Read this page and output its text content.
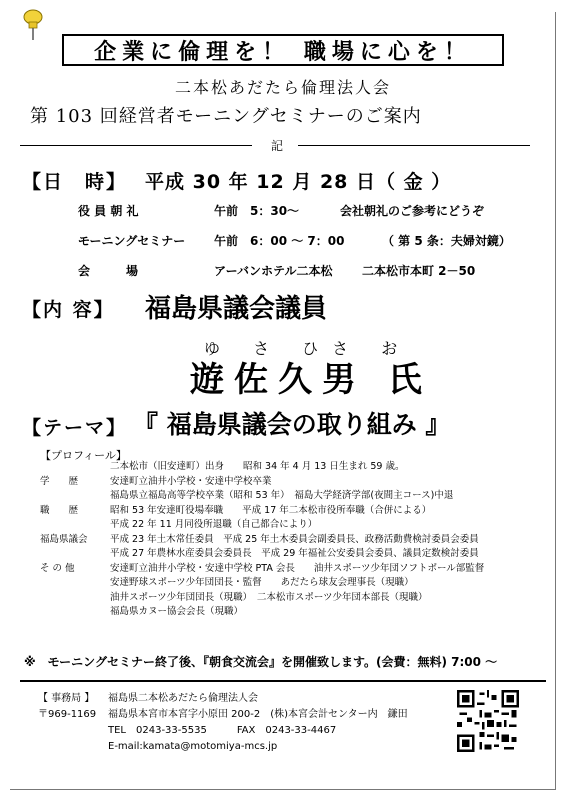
企業に倫理を！ 職場に心を！
二本松あだたら倫理法人会
第 103 回経営者モーニングセミナーのご案内
記
【日　時】 平成 30 年 12 月 28 日（ 金 ）
役 員 朝 礼	午前　5：30～	会社朝礼のご参考にどうぞ
モーニングセミナー 午前　6：00 ～ 7：00	（ 第 5 条：夫婦対鏡）
会　　　場	アーバンホテル二本松 二本松市本町 2－50
【内 容】 福島県議会議員
ゆ さ ひさ お
遊佐久男 氏
【テーマ】 『 福島県議会の取り組み 』
【プロフィール】
二本松市（旧安達町）出身　　昭和 34 年 4 月 13 日生まれ 59 歳。
学　　歴	安達町立油井小学校・安達中学校卒業
福島県立福島高等学校卒業（昭和 53 年）　福島大学経済学部(夜間主コース)中退
職　　歴	昭和 53 年安達町役場奉職　　平成 17 年二本松市役所奉職（合併による）
平成 22 年 11 月同役所退職（自己都合により）
福島県議会	平成 23 年土木常任委員　平成 25 年土木委員会副委員長、政務活動費検討委員会委員
平成 27 年農林水産委員会委員長　平成 29 年福祉公安委員会委員、議員定数検討委員
そ の 他	安達町立油井小学校・安達中学校 PTA 会長　　油井スポーツ少年団ソフトボール部監督
安達野球スポーツ少年団団長・監督　　あだたら球友会理事長（現職）
油井スポーツ少年団団長（現職）　二本松市スポーツ少年団本部長（現職）
福島県カヌー協会会長（現職）
※　モーニングセミナー終了後、『朝食交流会』を開催致します。(会費：無料) 7:00 ～
【 事務局 】	福島県二本松あだたら倫理法人会
〒969-1169	福島県本宮市本宮字小原田 200-2　(株)本宮会計センター内　鎌田
TEL　0243-33-5535　　　FAX　0243-33-4467
E-mail:kamata@motomiya-mcs.jp
